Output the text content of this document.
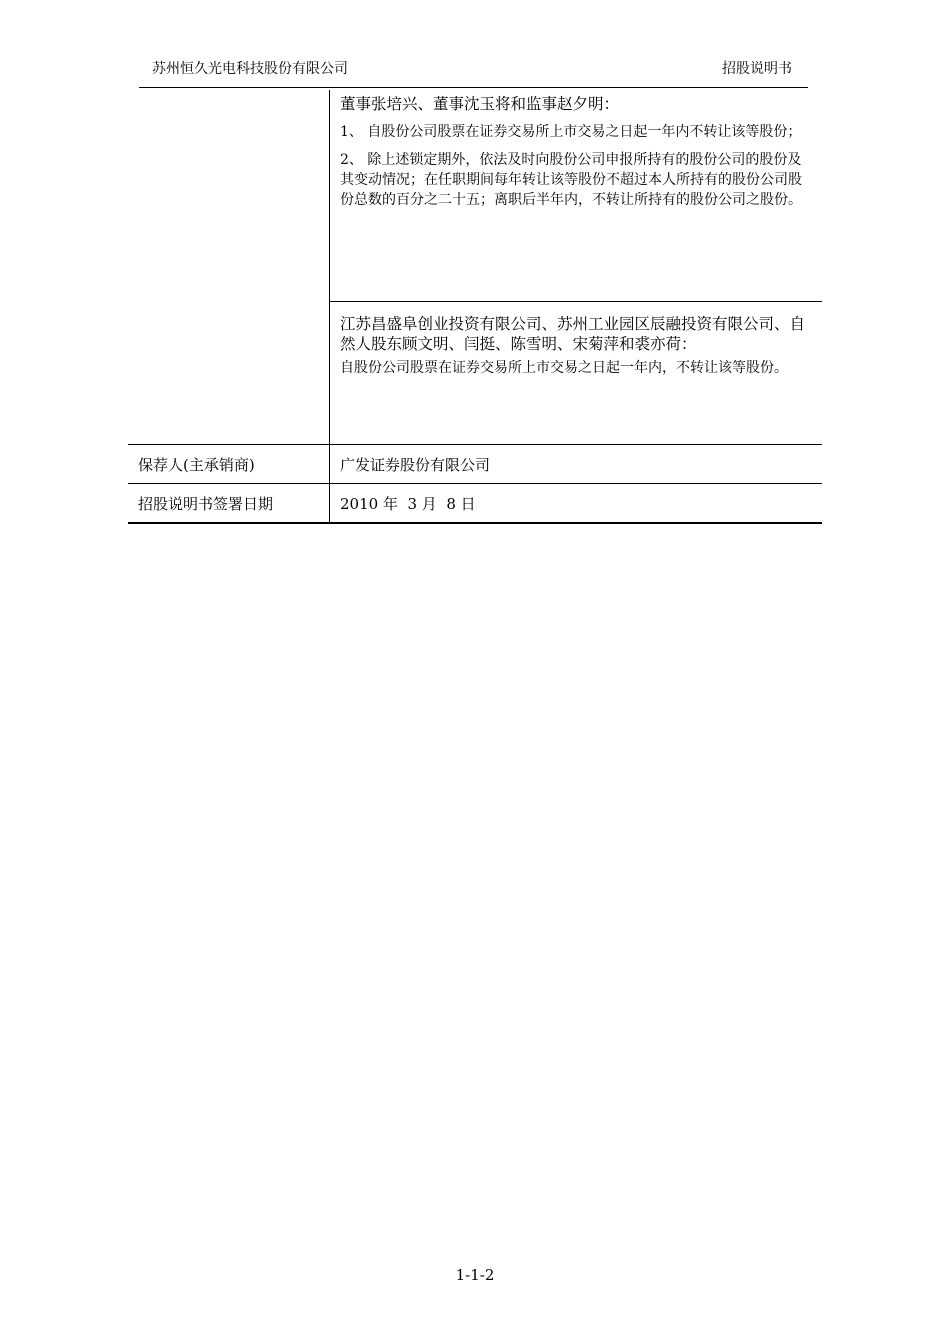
苏州恒久光电科技股份有限公司	招股说明书

董事张培兴、董事沈玉将和监事赵夕明：

1、 自股份公司股票在证券交易所上市交易之日起一年内不转让该等股份；

2、 除上述锁定期外，依法及时向股份公司申报所持有的股份公司的股份及其变动情况；在任职期间每年转让该等股份不超过本人所持有的股份公司股份总数的百分之二十五；离职后半年内，不转让所持有的股份公司之股份。

江苏昌盛阜创业投资有限公司、苏州工业园区辰融投资有限公司、自然人股东顾文明、闫挺、陈雪明、宋菊萍和裘亦荷：

自股份公司股票在证券交易所上市交易之日起一年内，不转让该等股份。

保荐人(主承销商)	广发证券股份有限公司
招股说明书签署日期	2010 年  3 月  8 日
1-1-2
